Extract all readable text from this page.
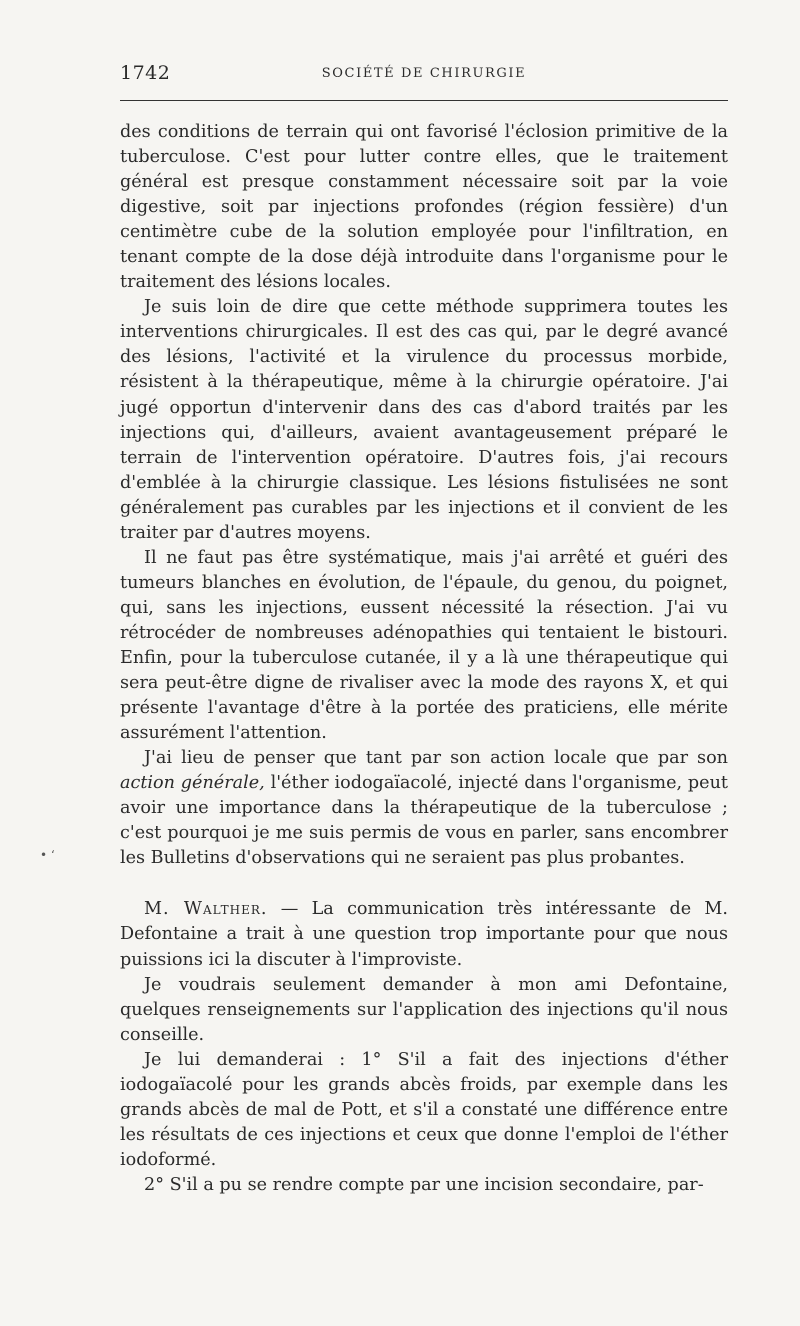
1742	SOCIÉTÉ DE CHIRURGIE
• ‘

des conditions de terrain qui ont favorisé l'éclosion primitive de la tuberculose. C'est pour lutter contre elles, que le traitement général est presque constamment nécessaire soit par la voie digestive, soit par injections profondes (région fessière) d'un centimètre cube de la solution employée pour l'infiltration, en tenant compte de la dose déjà introduite dans l'organisme pour le traitement des lésions locales.

Je suis loin de dire que cette méthode supprimera toutes les interventions chirurgicales. Il est des cas qui, par le degré avancé des lésions, l'activité et la virulence du processus morbide, résistent à la thérapeutique, même à la chirurgie opératoire. J'ai jugé opportun d'intervenir dans des cas d'abord traités par les injections qui, d'ailleurs, avaient avantageusement préparé le terrain de l'intervention opératoire. D'autres fois, j'ai recours d'emblée à la chirurgie classique. Les lésions fistulisées ne sont généralement pas curables par les injections et il convient de les traiter par d'autres moyens.

Il ne faut pas être systématique, mais j'ai arrêté et guéri des tumeurs blanches en évolution, de l'épaule, du genou, du poignet, qui, sans les injections, eussent nécessité la résection. J'ai vu rétrocéder de nombreuses adénopathies qui tentaient le bistouri. Enfin, pour la tuberculose cutanée, il y a là une thérapeutique qui sera peut-être digne de rivaliser avec la mode des rayons X, et qui présente l'avantage d'être à la portée des praticiens, elle mérite assurément l'attention.

J'ai lieu de penser que tant par son action locale que par son action générale, l'éther iodogaïacolé, injecté dans l'organisme, peut avoir une importance dans la thérapeutique de la tuberculose ; c'est pourquoi je me suis permis de vous en parler, sans encombrer les Bulletins d'observations qui ne seraient pas plus probantes.

M. Walther. — La communication très intéressante de M. Defontaine a trait à une question trop importante pour que nous puissions ici la discuter à l'improviste.

Je voudrais seulement demander à mon ami Defontaine, quelques renseignements sur l'application des injections qu'il nous conseille.

Je lui demanderai : 1° S'il a fait des injections d'éther iodogaïacolé pour les grands abcès froids, par exemple dans les grands abcès de mal de Pott, et s'il a constaté une différence entre les résultats de ces injections et ceux que donne l'emploi de l'éther iodoformé.

2° S'il a pu se rendre compte par une incision secondaire, par-
